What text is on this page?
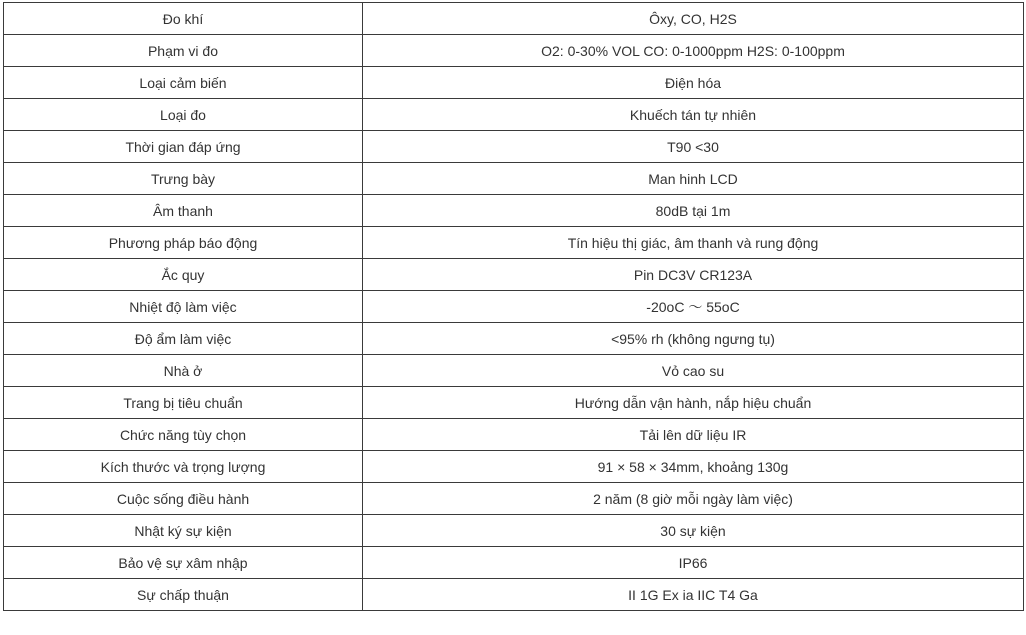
Đo khí	Ôxy, CO, H2S
Phạm vi đo	O2: 0-30% VOL CO: 0-1000ppm H2S: 0-100ppm
Loại cảm biến	Điện hóa
Loại đo	Khuếch tán tự nhiên
Thời gian đáp ứng	T90 <30
Trưng bày	Man hinh LCD
Âm thanh	80dB tại 1m
Phương pháp báo động	Tín hiệu thị giác, âm thanh và rung động
Ắc quy	Pin DC3V CR123A
Nhiệt độ làm việc	-20oC ～ 55oC
Độ ẩm làm việc	<95% rh (không ngưng tụ)
Nhà ở	Vỏ cao su
Trang bị tiêu chuẩn	Hướng dẫn vận hành, nắp hiệu chuẩn
Chức năng tùy chọn	Tải lên dữ liệu IR
Kích thước và trọng lượng	91 × 58 × 34mm, khoảng 130g
Cuộc sống điều hành	2 năm (8 giờ mỗi ngày làm việc)
Nhật ký sự kiện	30 sự kiện
Bảo vệ sự xâm nhập	IP66
Sự chấp thuận	II 1G Ex ia IIC T4 Ga
